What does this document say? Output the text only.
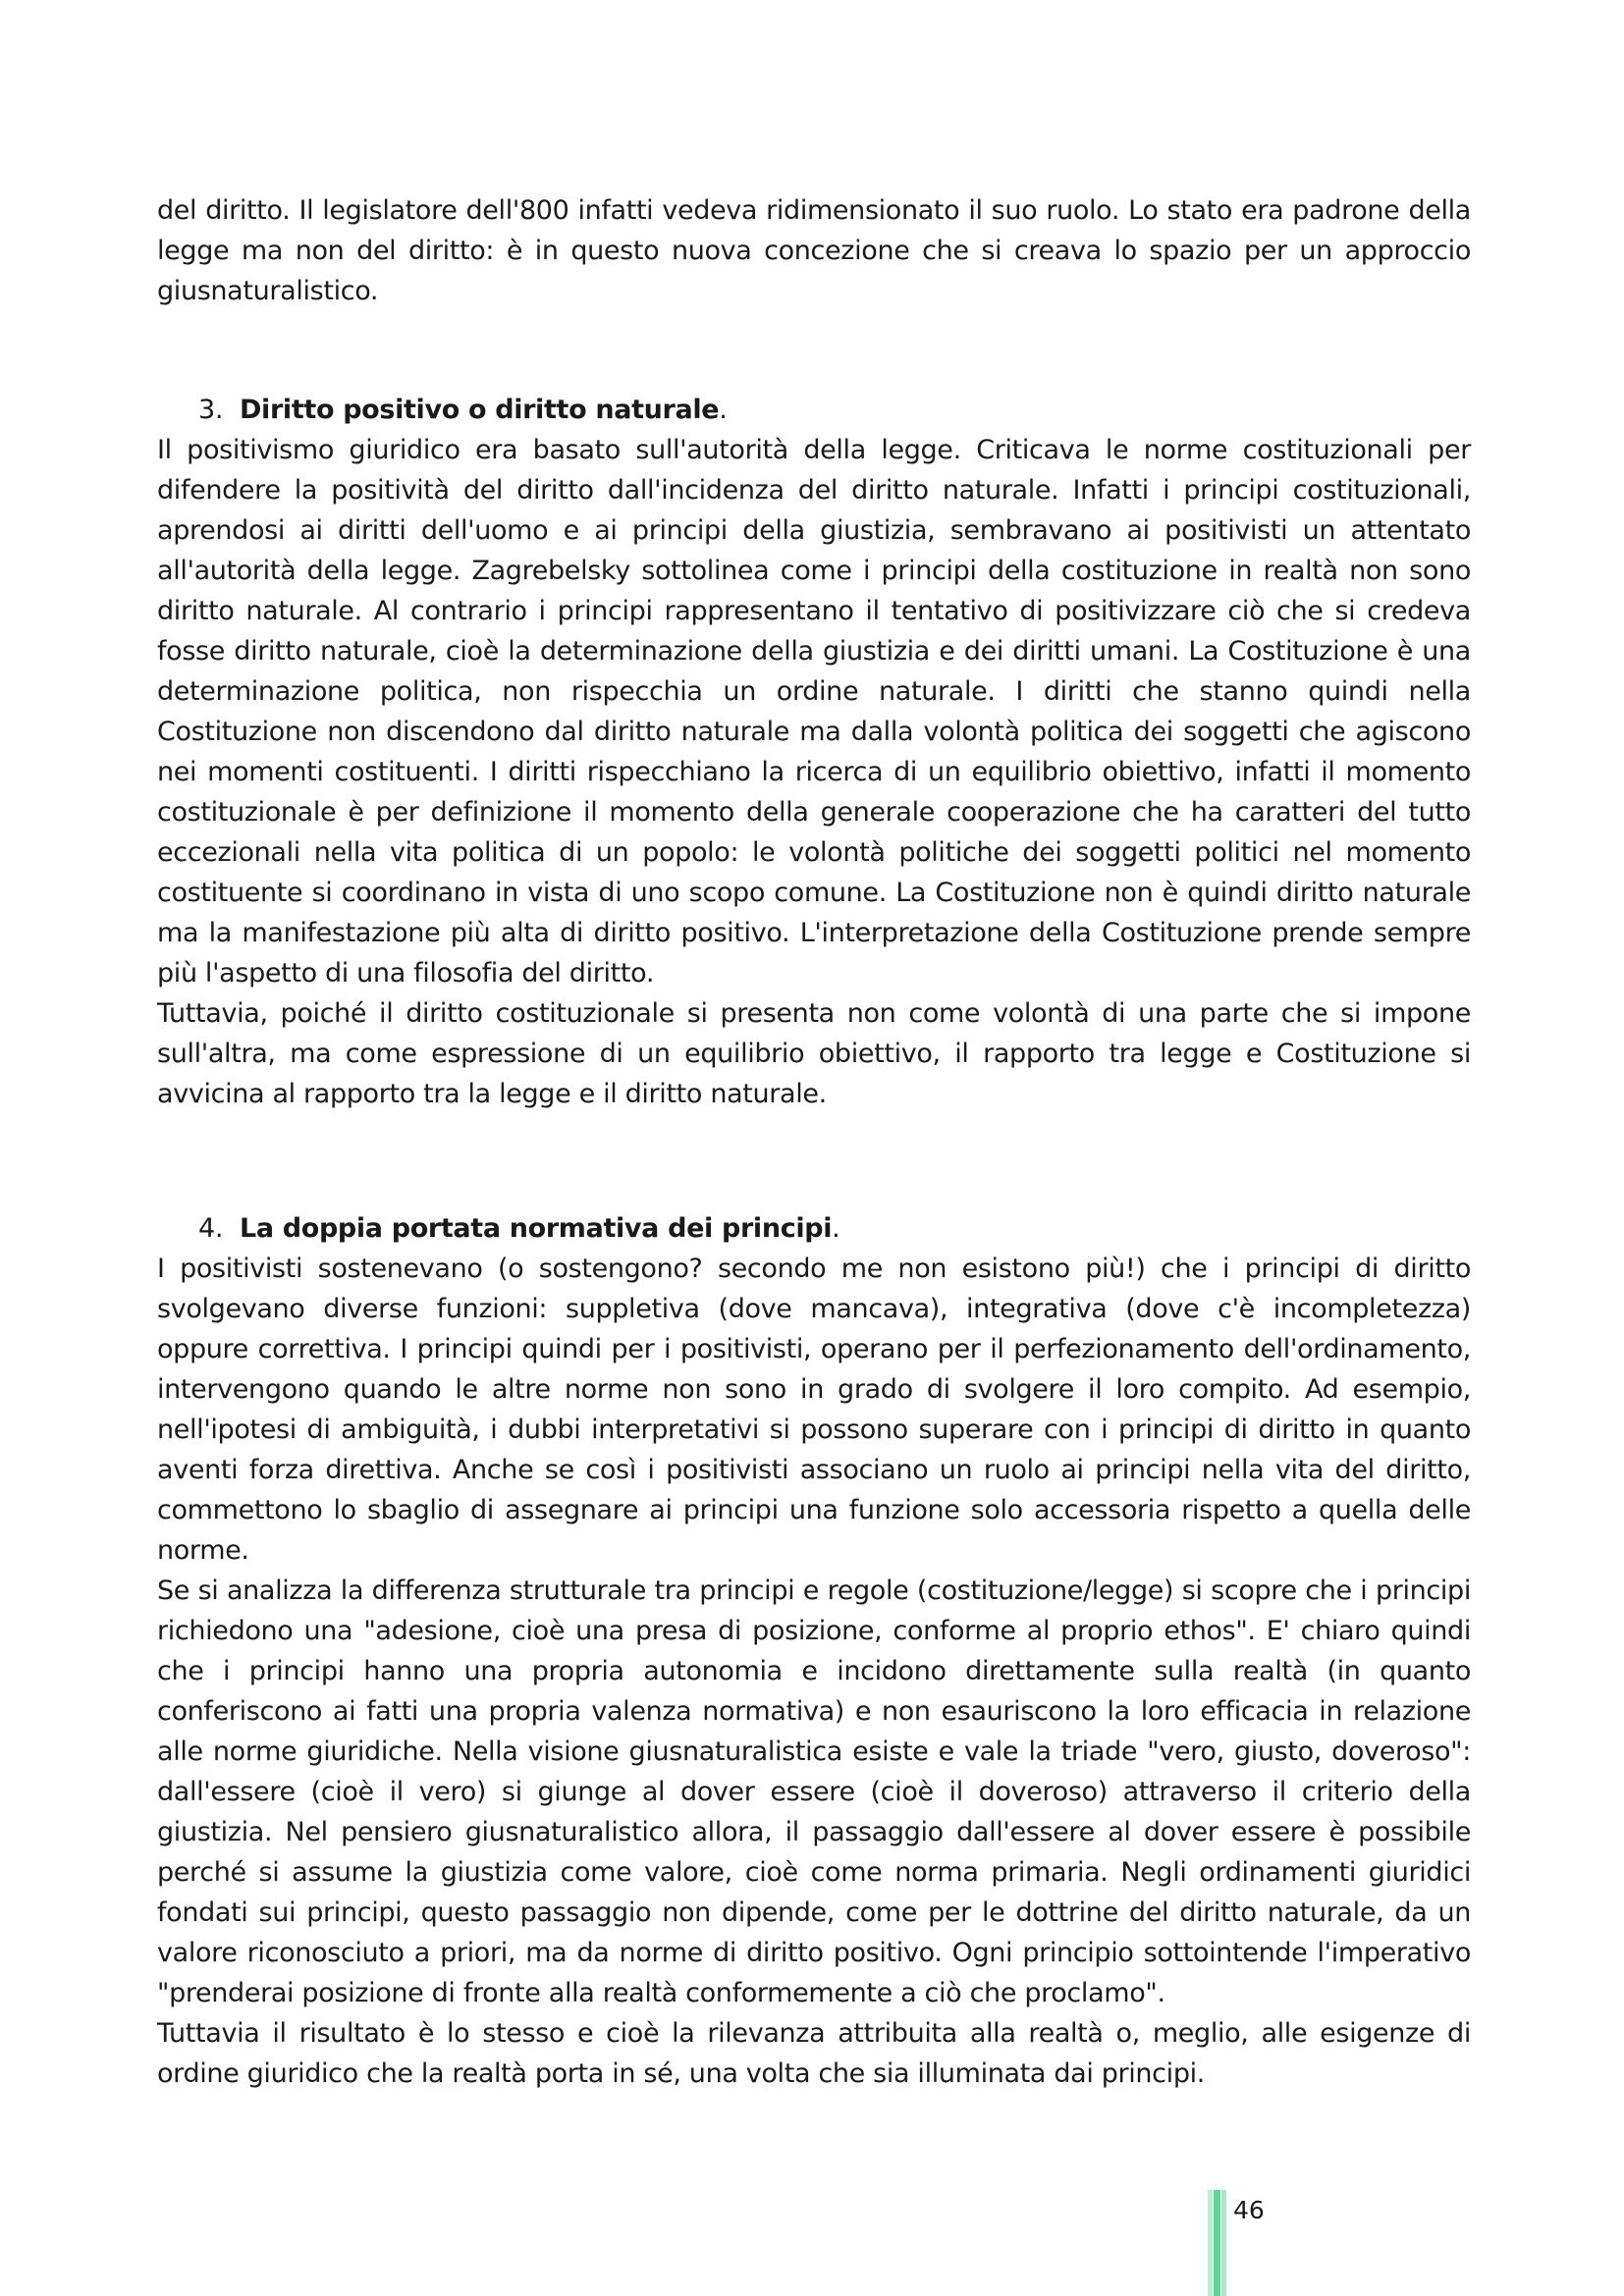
del diritto. Il legislatore dell'800 infatti vedeva ridimensionato il suo ruolo. Lo stato era padrone della legge ma non del diritto: è in questo nuova concezione che si creava lo spazio per un approccio giusnaturalistico.

3. Diritto positivo o diritto naturale.

Il positivismo giuridico era basato sull'autorità della legge. Criticava le norme costituzionali per difendere la positività del diritto dall'incidenza del diritto naturale. Infatti i principi costituzionali, aprendosi ai diritti dell'uomo e ai principi della giustizia, sembravano ai positivisti un attentato all'autorità della legge. Zagrebelsky sottolinea come i principi della costituzione in realtà non sono diritto naturale. Al contrario i principi rappresentano il tentativo di positivizzare ciò che si credeva fosse diritto naturale, cioè la determinazione della giustizia e dei diritti umani. La Costituzione è una determinazione politica, non rispecchia un ordine naturale. I diritti che stanno quindi nella Costituzione non discendono dal diritto naturale ma dalla volontà politica dei soggetti che agiscono nei momenti costituenti. I diritti rispecchiano la ricerca di un equilibrio obiettivo, infatti il momento costituzionale è per definizione il momento della generale cooperazione che ha caratteri del tutto eccezionali nella vita politica di un popolo: le volontà politiche dei soggetti politici nel momento costituente si coordinano in vista di uno scopo comune. La Costituzione non è quindi diritto naturale ma la manifestazione più alta di diritto positivo. L'interpretazione della Costituzione prende sempre più l'aspetto di una filosofia del diritto.

Tuttavia, poiché il diritto costituzionale si presenta non come volontà di una parte che si impone sull'altra, ma come espressione di un equilibrio obiettivo, il rapporto tra legge e Costituzione si avvicina al rapporto tra la legge e il diritto naturale.

4. La doppia portata normativa dei principi.

I positivisti sostenevano (o sostengono? secondo me non esistono più!) che i principi di diritto svolgevano diverse funzioni: suppletiva (dove mancava), integrativa (dove c'è incompletezza) oppure correttiva. I principi quindi per i positivisti, operano per il perfezionamento dell'ordinamento, intervengono quando le altre norme non sono in grado di svolgere il loro compito. Ad esempio, nell'ipotesi di ambiguità, i dubbi interpretativi si possono superare con i principi di diritto in quanto aventi forza direttiva. Anche se così i positivisti associano un ruolo ai principi nella vita del diritto, commettono lo sbaglio di assegnare ai principi una funzione solo accessoria rispetto a quella delle norme.

Se si analizza la differenza strutturale tra principi e regole (costituzione/legge) si scopre che i principi richiedono una "adesione, cioè una presa di posizione, conforme al proprio ethos". E' chiaro quindi che i principi hanno una propria autonomia e incidono direttamente sulla realtà (in quanto conferiscono ai fatti una propria valenza normativa) e non esauriscono la loro efficacia in relazione alle norme giuridiche. Nella visione giusnaturalistica esiste e vale la triade "vero, giusto, doveroso": dall'essere (cioè il vero) si giunge al dover essere (cioè il doveroso) attraverso il criterio della giustizia. Nel pensiero giusnaturalistico allora, il passaggio dall'essere al dover essere è possibile perché si assume la giustizia come valore, cioè come norma primaria. Negli ordinamenti giuridici fondati sui principi, questo passaggio non dipende, come per le dottrine del diritto naturale, da un valore riconosciuto a priori, ma da norme di diritto positivo. Ogni principio sottointende l'imperativo "prenderai posizione di fronte alla realtà conformemente a ciò che proclamo".

Tuttavia il risultato è lo stesso e cioè la rilevanza attribuita alla realtà o, meglio, alle esigenze di ordine giuridico che la realtà porta in sé, una volta che sia illuminata dai principi.

46
